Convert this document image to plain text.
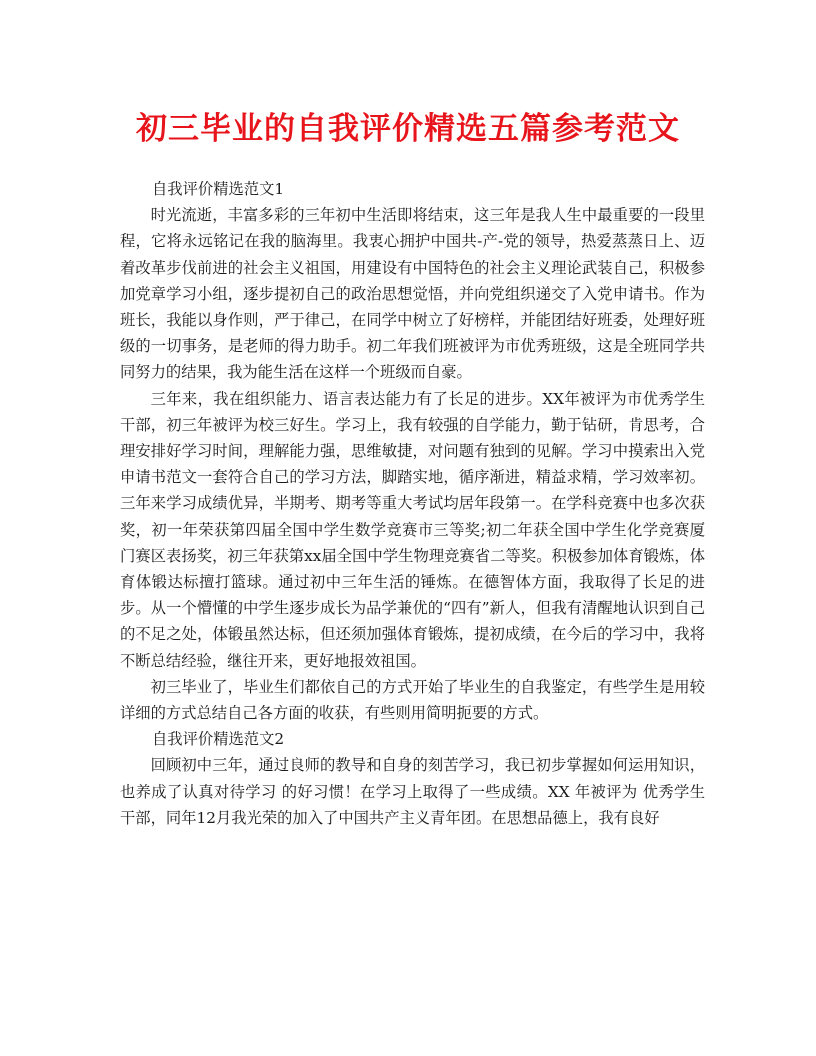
初三毕业的自我评价精选五篇参考范文

自我评价精选范文1

时光流逝，丰富多彩的三年初中生活即将结束，这三年是我人生中最重要的一段里程，它将永远铭记在我的脑海里。我衷心拥护中国共-产-党的领导，热爱蒸蒸日上、迈着改革步伐前进的社会主义祖国，用建设有中国特色的社会主义理论武装自己，积极参加党章学习小组，逐步提初自己的政治思想觉悟，并向党组织递交了入党申请书。作为班长，我能以身作则，严于律己，在同学中树立了好榜样，并能团结好班委，处理好班级的一切事务，是老师的得力助手。初二年我们班被评为市优秀班级，这是全班同学共同努力的结果，我为能生活在这样一个班级而自豪。

三年来，我在组织能力、语言表达能力有了长足的进步。XX年被评为市优秀学生干部，初三年被评为校三好生。学习上，我有较强的自学能力，勤于钻研，肯思考，合理安排好学习时间，理解能力强，思维敏捷，对问题有独到的见解。学习中摸索出入党申请书范文一套符合自己的学习方法，脚踏实地，循序渐进，精益求精，学习效率初。三年来学习成绩优异，半期考、期考等重大考试均居年段第一。在学科竞赛中也多次获奖，初一年荣获第四届全国中学生数学竞赛市三等奖;初二年获全国中学生化学竞赛厦门赛区表扬奖，初三年获第xx届全国中学生物理竞赛省二等奖。积极参加体育锻炼，体育体锻达标擅打篮球。通过初中三年生活的锤炼。在德智体方面，我取得了长足的进步。从一个懵懂的中学生逐步成长为品学兼优的“四有”新人，但我有清醒地认识到自己的不足之处，体锻虽然达标，但还须加强体育锻炼，提初成绩，在今后的学习中，我将不断总结经验，继往开来，更好地报效祖国。

初三毕业了，毕业生们都依自己的方式开始了毕业生的自我鉴定，有些学生是用较详细的方式总结自己各方面的收获，有些则用简明扼要的方式。

自我评价精选范文2

回顾初中三年，通过良师的教导和自身的刻苦学习，我已初步掌握如何运用知识，也养成了认真对待学习 的好习惯！在学习上取得了一些成绩。XX 年被评为 优秀学生干部，同年12月我光荣的加入了中国共产主义青年团。在思想品德上，我有良好
